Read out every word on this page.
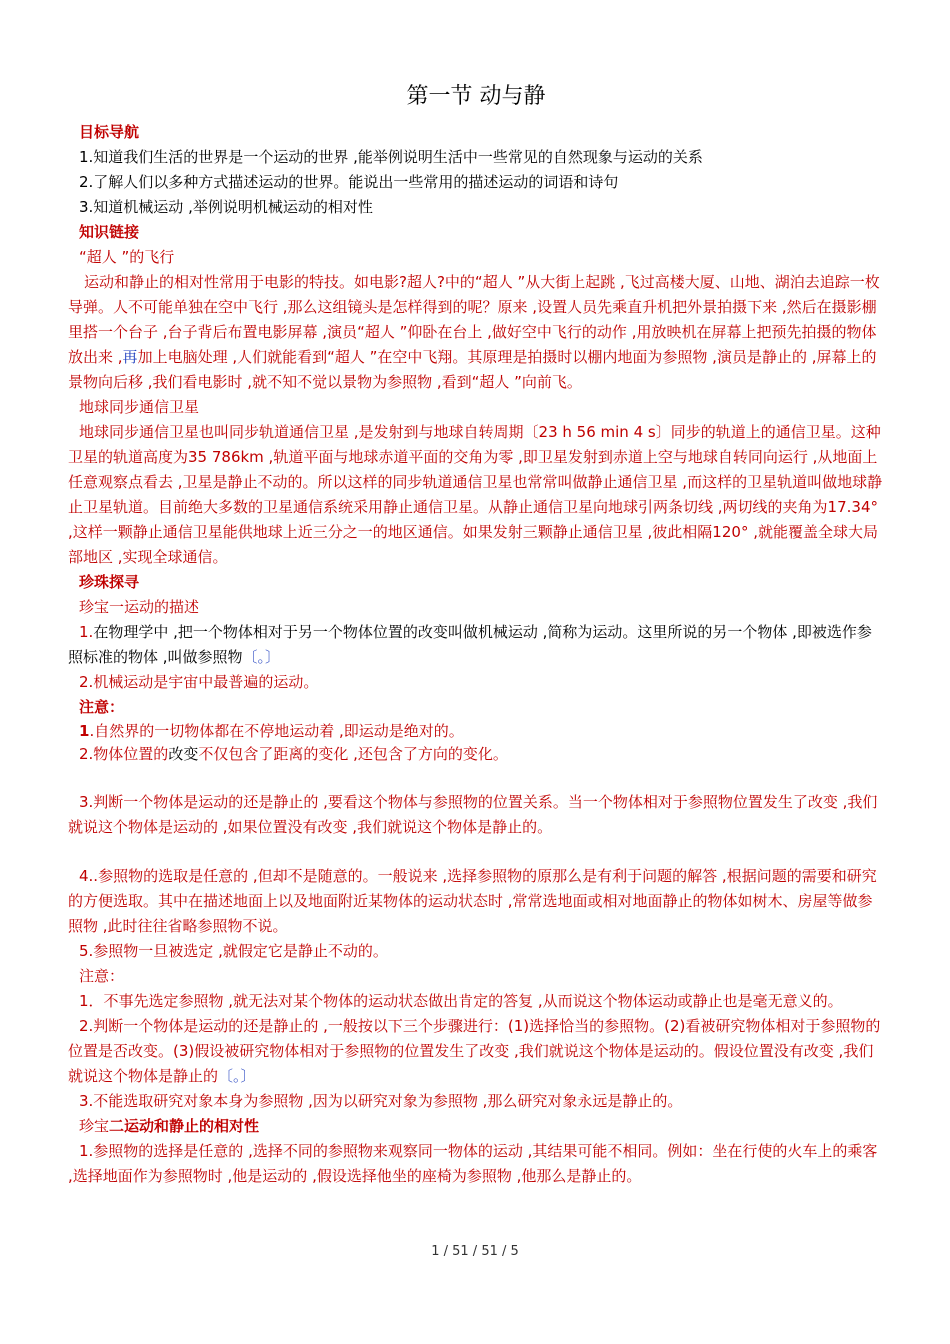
第一节 动与静

目标导航

1.知道我们生活的世界是一个运动的世界 ,能举例说明生活中一些常见的自然现象与运动的关系

2.了解人们以多种方式描述运动的世界。能说出一些常用的描述运动的词语和诗句

3.知道机械运动 ,举例说明机械运动的相对性

知识链接

“超人 ”的飞行

运动和静止的相对性常用于电影的特技。如电影?超人?中的“超人 ”从大街上起跳 ,飞过高楼大厦、山地、湖泊去追踪一枚导弹。人不可能单独在空中飞行 ,那么这组镜头是怎样得到的呢？原来 ,设置人员先乘直升机把外景拍摄下来 ,然后在摄影棚里搭一个台子 ,台子背后布置电影屏幕 ,演员“超人 ”仰卧在台上 ,做好空中飞行的动作 ,用放映机在屏幕上把预先拍摄的物体放出来 ,再加上电脑处理 ,人们就能看到“超人 ”在空中飞翔。其原理是拍摄时以棚内地面为参照物 ,演员是静止的 ,屏幕上的景物向后移 ,我们看电影时 ,就不知不觉以景物为参照物 ,看到“超人 ”向前飞。

地球同步通信卫星

地球同步通信卫星也叫同步轨道通信卫星 ,是发射到与地球自转周期〔23 h 56 min 4 s〕同步的轨道上的通信卫星。这种卫星的轨道高度为35 786km ,轨道平面与地球赤道平面的交角为零 ,即卫星发射到赤道上空与地球自转同向运行 ,从地面上任意观察点看去 ,卫星是静止不动的。所以这样的同步轨道通信卫星也常常叫做静止通信卫星 ,而这样的卫星轨道叫做地球静止卫星轨道。目前绝大多数的卫星通信系统采用静止通信卫星。从静止通信卫星向地球引两条切线 ,两切线的夹角为17.34° ,这样一颗静止通信卫星能供地球上近三分之一的地区通信。如果发射三颗静止通信卫星 ,彼此相隔120° ,就能覆盖全球大局部地区 ,实现全球通信。

珍珠探寻

珍宝一运动的描述

1.在物理学中 ,把一个物体相对于另一个物体位置的改变叫做机械运动 ,简称为运动。这里所说的另一个物体 ,即被选作参照标准的物体 ,叫做参照物〔。〕

2.机械运动是宇宙中最普遍的运动。

注意：

1.自然界的一切物体都在不停地运动着 ,即运动是绝对的。

2.物体位置的改变不仅包含了距离的变化 ,还包含了方向的变化。

3.判断一个物体是运动的还是静止的 ,要看这个物体与参照物的位置关系。当一个物体相对于参照物位置发生了改变 ,我们就说这个物体是运动的 ,如果位置没有改变 ,我们就说这个物体是静止的。

4..参照物的选取是任意的 ,但却不是随意的。一般说来 ,选择参照物的原那么是有利于问题的解答 ,根据问题的需要和研究的方便选取。其中在描述地面上以及地面附近某物体的运动状态时 ,常常选地面或相对地面静止的物体如树木、房屋等做参照物 ,此时往往省略参照物不说。

5.参照物一旦被选定 ,就假定它是静止不动的。

注意：

1．不事先选定参照物 ,就无法对某个物体的运动状态做出肯定的答复 ,从而说这个物体运动或静止也是毫无意义的。

2.判断一个物体是运动的还是静止的 ,一般按以下三个步骤进行：(1)选择恰当的参照物。(2)看被研究物体相对于参照物的位置是否改变。(3)假设被研究物体相对于参照物的位置发生了改变 ,我们就说这个物体是运动的。假设位置没有改变 ,我们就说这个物体是静止的〔。〕

3.不能选取研究对象本身为参照物 ,因为以研究对象为参照物 ,那么研究对象永远是静止的。

珍宝二运动和静止的相对性

1.参照物的选择是任意的 ,选择不同的参照物来观察同一物体的运动 ,其结果可能不相同。例如：坐在行使的火车上的乘客 ,选择地面作为参照物时 ,他是运动的 ,假设选择他坐的座椅为参照物 ,他那么是静止的。

1 / 51 / 51 / 5
